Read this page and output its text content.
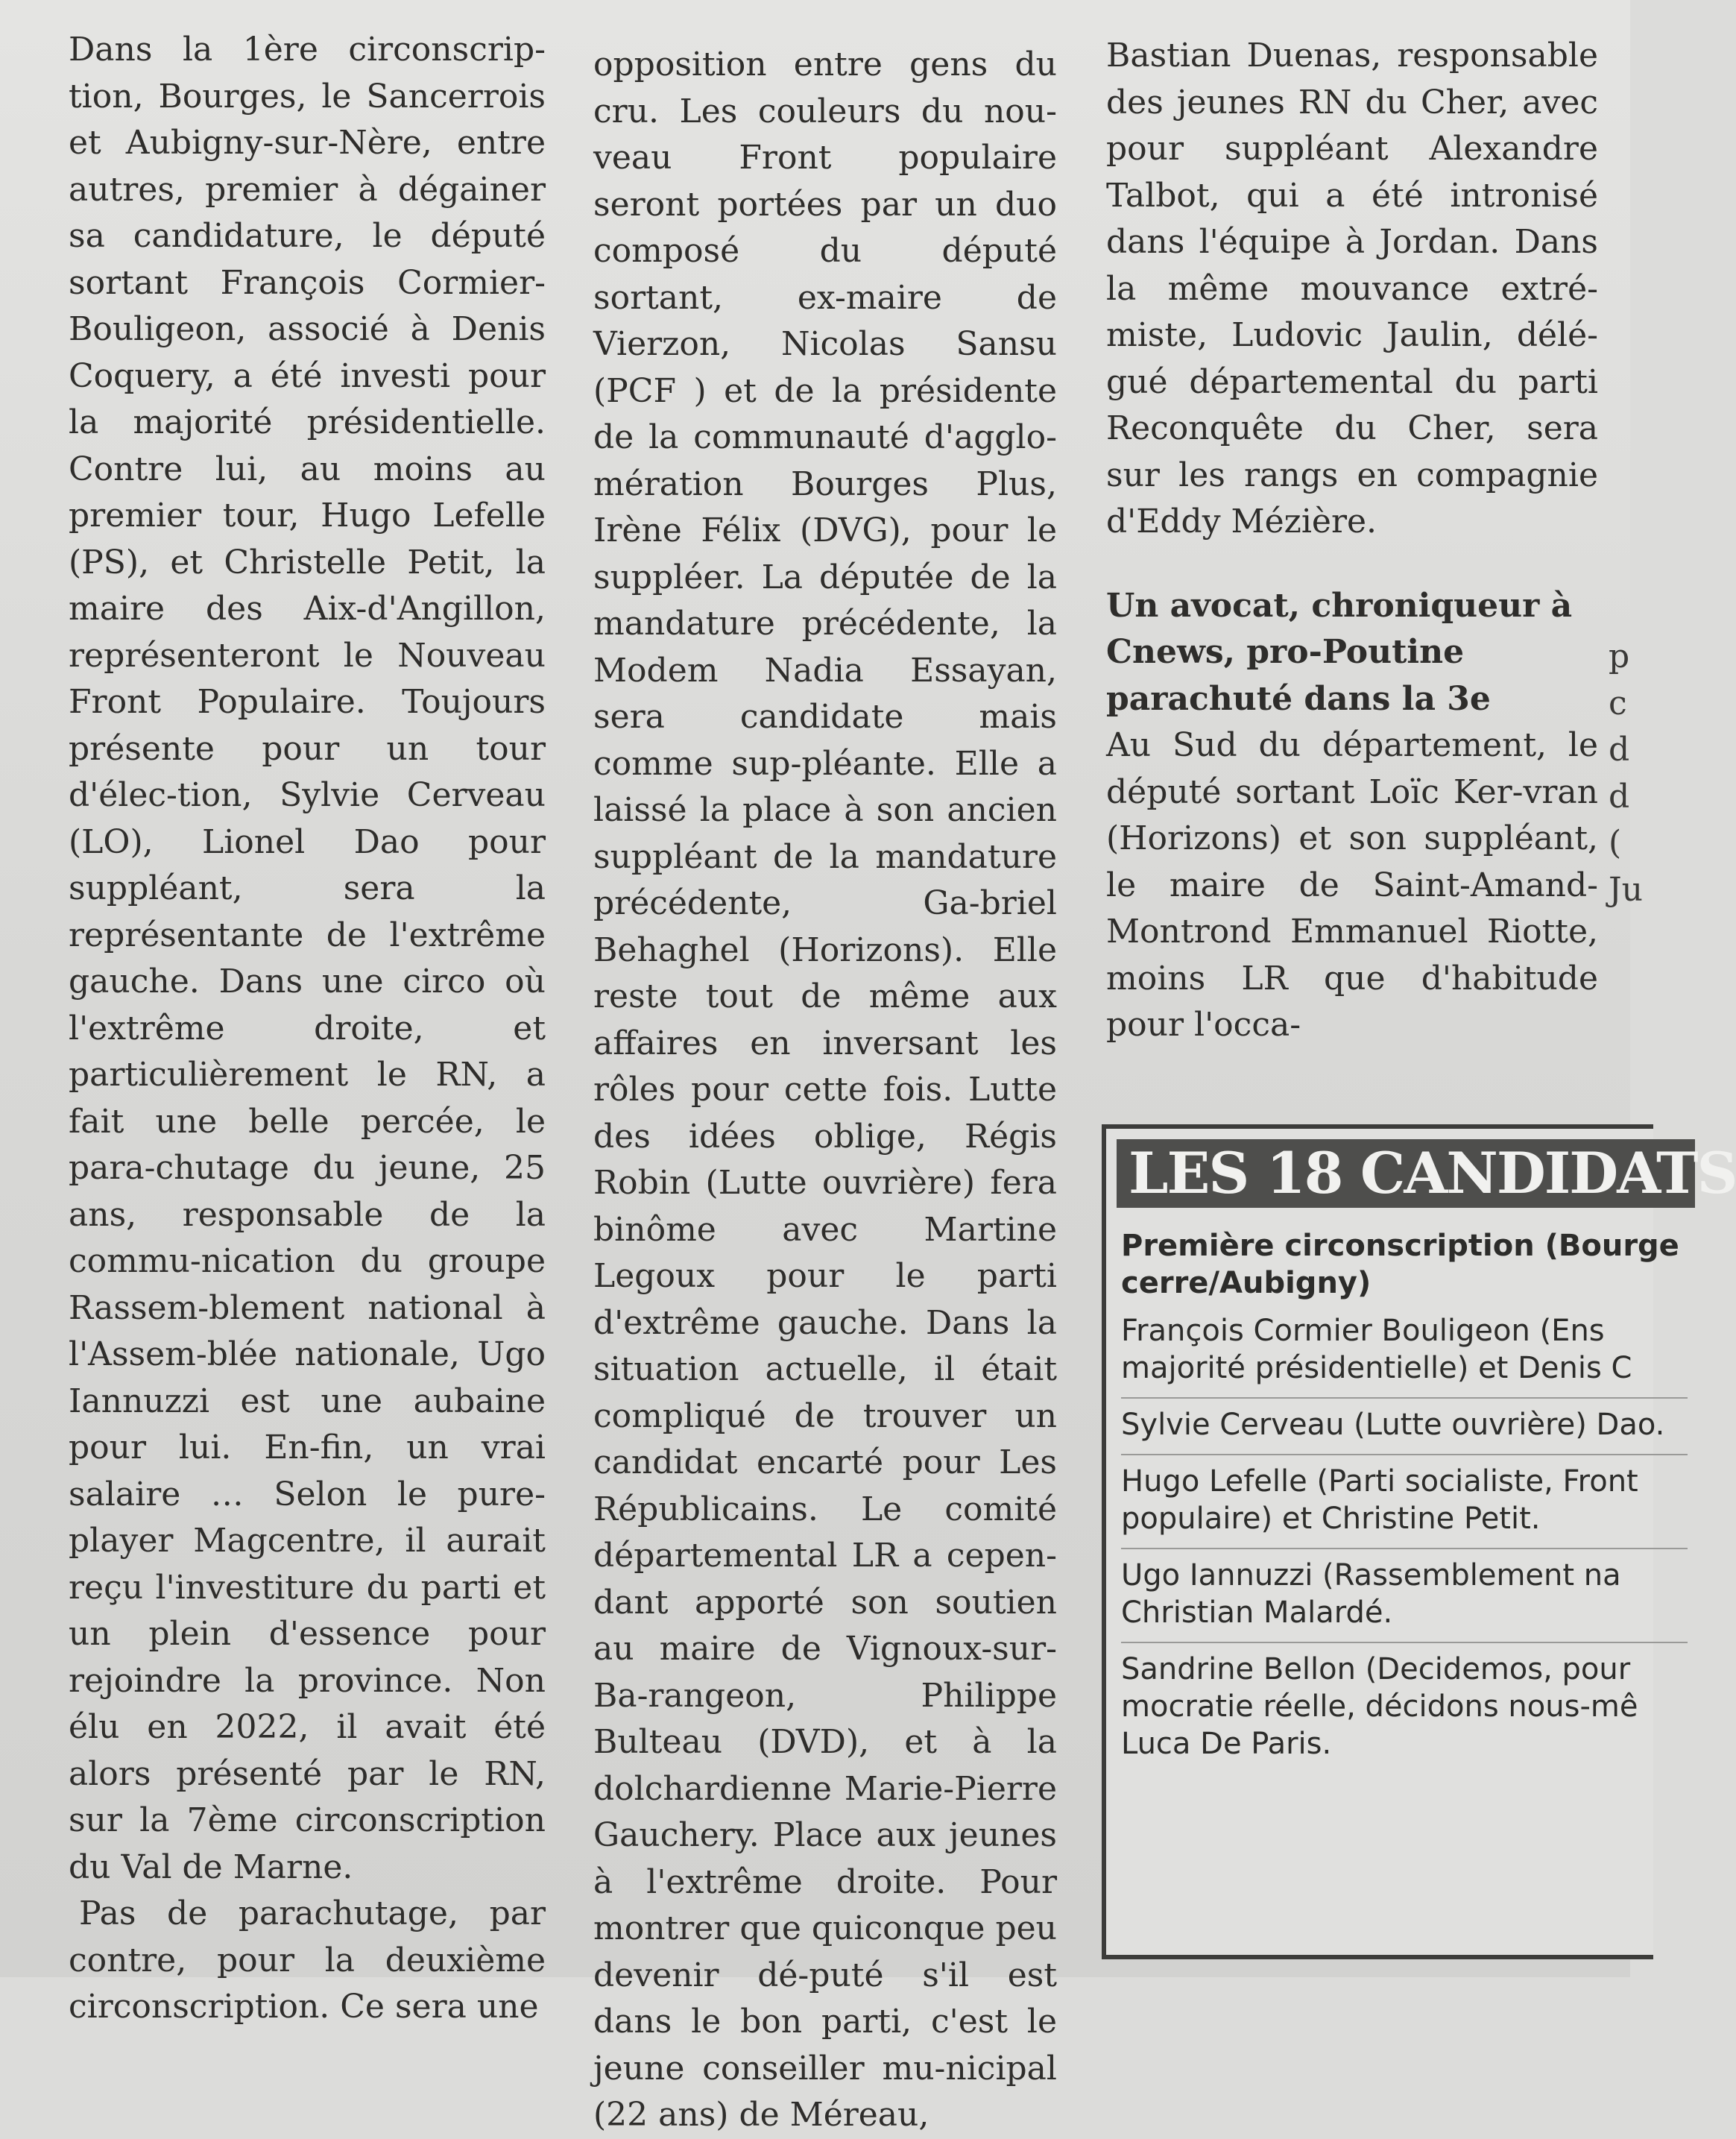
Dans la 1ère circonscrip-tion, Bourges, le Sancerrois et Aubigny-sur-Nère, entre autres, premier à dégainer sa candidature, le député sortant François Cormier-Bouligeon, associé à Denis Coquery, a été investi pour la majorité présidentielle. Contre lui, au moins au premier tour, Hugo Lefelle (PS), et Christelle Petit, la maire des Aix-d'Angillon, représenteront le Nouveau Front Populaire. Toujours présente pour un tour d'élec-tion, Sylvie Cerveau (LO), Lionel Dao pour suppléant, sera la représentante de l'extrême gauche. Dans une circo où l'extrême droite, et particulièrement le RN, a fait une belle percée, le para-chutage du jeune, 25 ans, responsable de la commu-nication du groupe Rassem-blement national à l'Assem-blée nationale, Ugo Iannuzzi est une aubaine pour lui. En-fin, un vrai salaire … Selon le pure-player Magcentre, il aurait reçu l'investiture du parti et un plein d'essence pour rejoindre la province. Non élu en 2022, il avait été alors présenté par le RN, sur la 7ème circonscription du Val de Marne.

Pas de parachutage, par contre, pour la deuxième circonscription. Ce sera une

opposition entre gens du cru. Les couleurs du nou-veau Front populaire seront portées par un duo composé du député sortant, ex-maire de Vierzon, Nicolas Sansu (PCF ) et de la présidente de la communauté d'agglo-mération Bourges Plus, Irène Félix (DVG), pour le suppléer. La députée de la mandature précédente, la Modem Nadia Essayan, sera candidate mais comme sup-pléante. Elle a laissé la place à son ancien suppléant de la mandature précédente, Ga-briel Behaghel (Horizons). Elle reste tout de même aux affaires en inversant les rôles pour cette fois. Lutte des idées oblige, Régis Robin (Lutte ouvrière) fera binôme avec Martine Legoux pour le parti d'extrême gauche. Dans la situation actuelle, il était compliqué de trouver un candidat encarté pour Les Républicains. Le comité départemental LR a cepen-dant apporté son soutien au maire de Vignoux-sur-Ba-rangeon, Philippe Bulteau (DVD), et à la dolchardienne Marie-Pierre Gauchery. Place aux jeunes à l'extrême droite. Pour montrer que quiconque peu devenir dé-puté s'il est dans le bon parti, c'est le jeune conseiller mu-nicipal (22 ans) de Méreau,

Bastian Duenas, responsable des jeunes RN du Cher, avec pour suppléant Alexandre Talbot, qui a été intronisé dans l'équipe à Jordan. Dans la même mouvance extré-miste, Ludovic Jaulin, délé-gué départemental du parti Reconquête du Cher, sera sur les rangs en compagnie d'Eddy Mézière.

Un avocat, chroniqueur à Cnews, pro-Poutine parachuté dans la 3e

Au Sud du département, le député sortant Loïc Ker-vran (Horizons) et son suppléant, le maire de Saint-Amand-Montrond Emmanuel Riotte, moins LR que d'habitude pour l'occa-

p
c
d
d
(
Ju
LES 18 CANDIDATS
Première circonscription (Bourge cerre/Aubigny)
François Cormier Bouligeon (Ens majorité présidentielle) et Denis C
Sylvie Cerveau (Lutte ouvrière) Dao.
Hugo Lefelle (Parti socialiste, Front populaire) et Christine Petit.
Ugo Iannuzzi (Rassemblement na Christian Malardé.
Sandrine Bellon (Decidemos, pour mocratie réelle, décidons nous-mê Luca De Paris.
